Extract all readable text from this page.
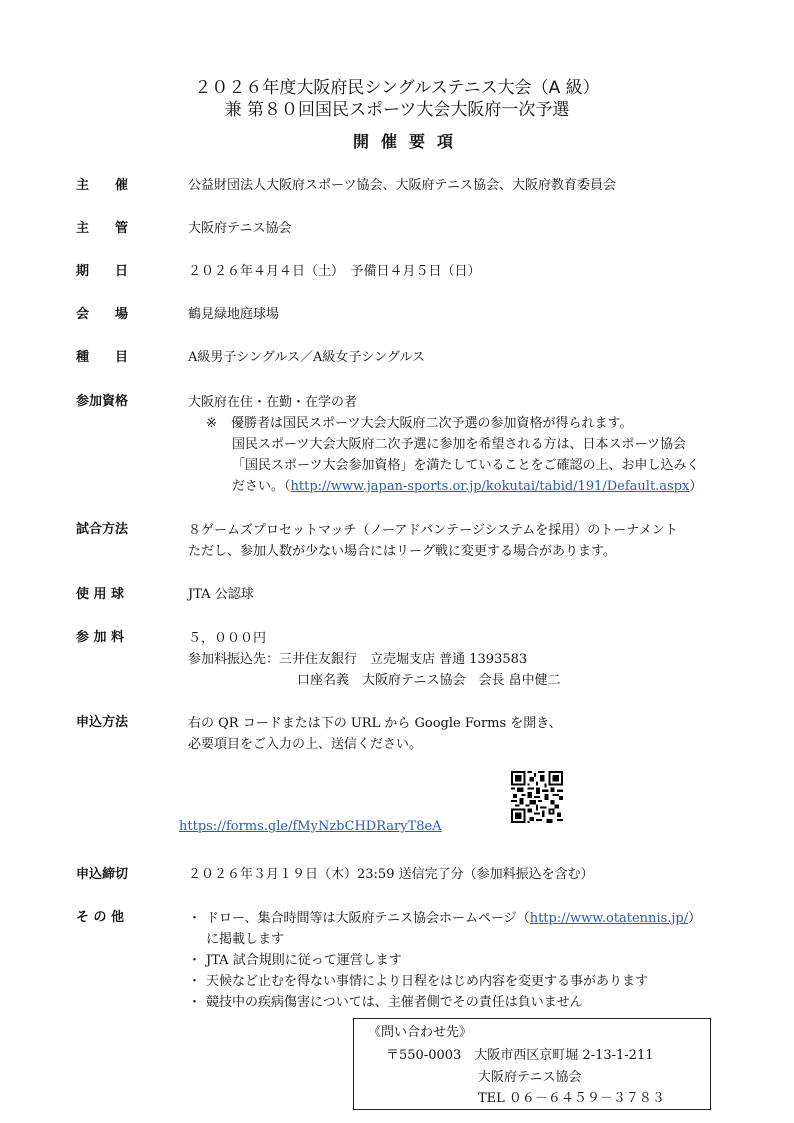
２０２６年度大阪府民シングルステニス大会（A 級）
兼 第８０回国民スポーツ大会大阪府一次予選
開催要項
主　　催	公益財団法人大阪府スポーツ協会、大阪府テニス協会、大阪府教育委員会
主　　管	大阪府テニス協会
期　　日	２０２６年４月４日（土）　予備日４月５日（日）
会　　場	鶴見緑地庭球場
種　　目	A級男子シングルス／A級女子シングルス
参加資格	大阪府在住・在勤・在学の者
※ 優勝者は国民スポーツ大会大阪府二次予選の参加資格が得られます。
国民スポーツ大会大阪府二次予選に参加を希望される方は、日本スポーツ協会
「国民スポーツ大会参加資格」を満たしていることをご確認の上、お申し込みく
ださい。（http://www.japan-sports.or.jp/kokutai/tabid/191/Default.aspx）
試合方法	８ゲームズプロセットマッチ（ノーアドバンテージシステムを採用）のトーナメント
ただし、参加人数が少ない場合にはリーグ戦に変更する場合があります。
使 用 球	JTA 公認球
参 加 料	５，０００円
参加料振込先：三井住友銀行　立売堀支店 普通 1393583
口座名義　大阪府テニス協会　会長 畠中健二
申込方法	右の QR コードまたは下の URL から Google Forms を開き、
必要項目をご入力の上、送信ください。
https://forms.gle/fMyNzbCHDRaryT8eA
申込締切	２０２６年３月１９日（木）23:59 送信完了分（参加料振込を含む）
そ の 他	・ ドロー、集合時間等は大阪府テニス協会ホームページ（http://www.otatennis.jp/）
に掲載します
・ JTA 試合規則に従って運営します
・ 天候など止むを得ない事情により日程をはじめ内容を変更する事があります
・ 競技中の疾病傷害については、主催者側でその責任は負いません
《問い合わせ先》
〒550-0003　大阪市西区京町堀 2-13-1-211
大阪府テニス協会
TEL ０６－６４５９－３７８３
